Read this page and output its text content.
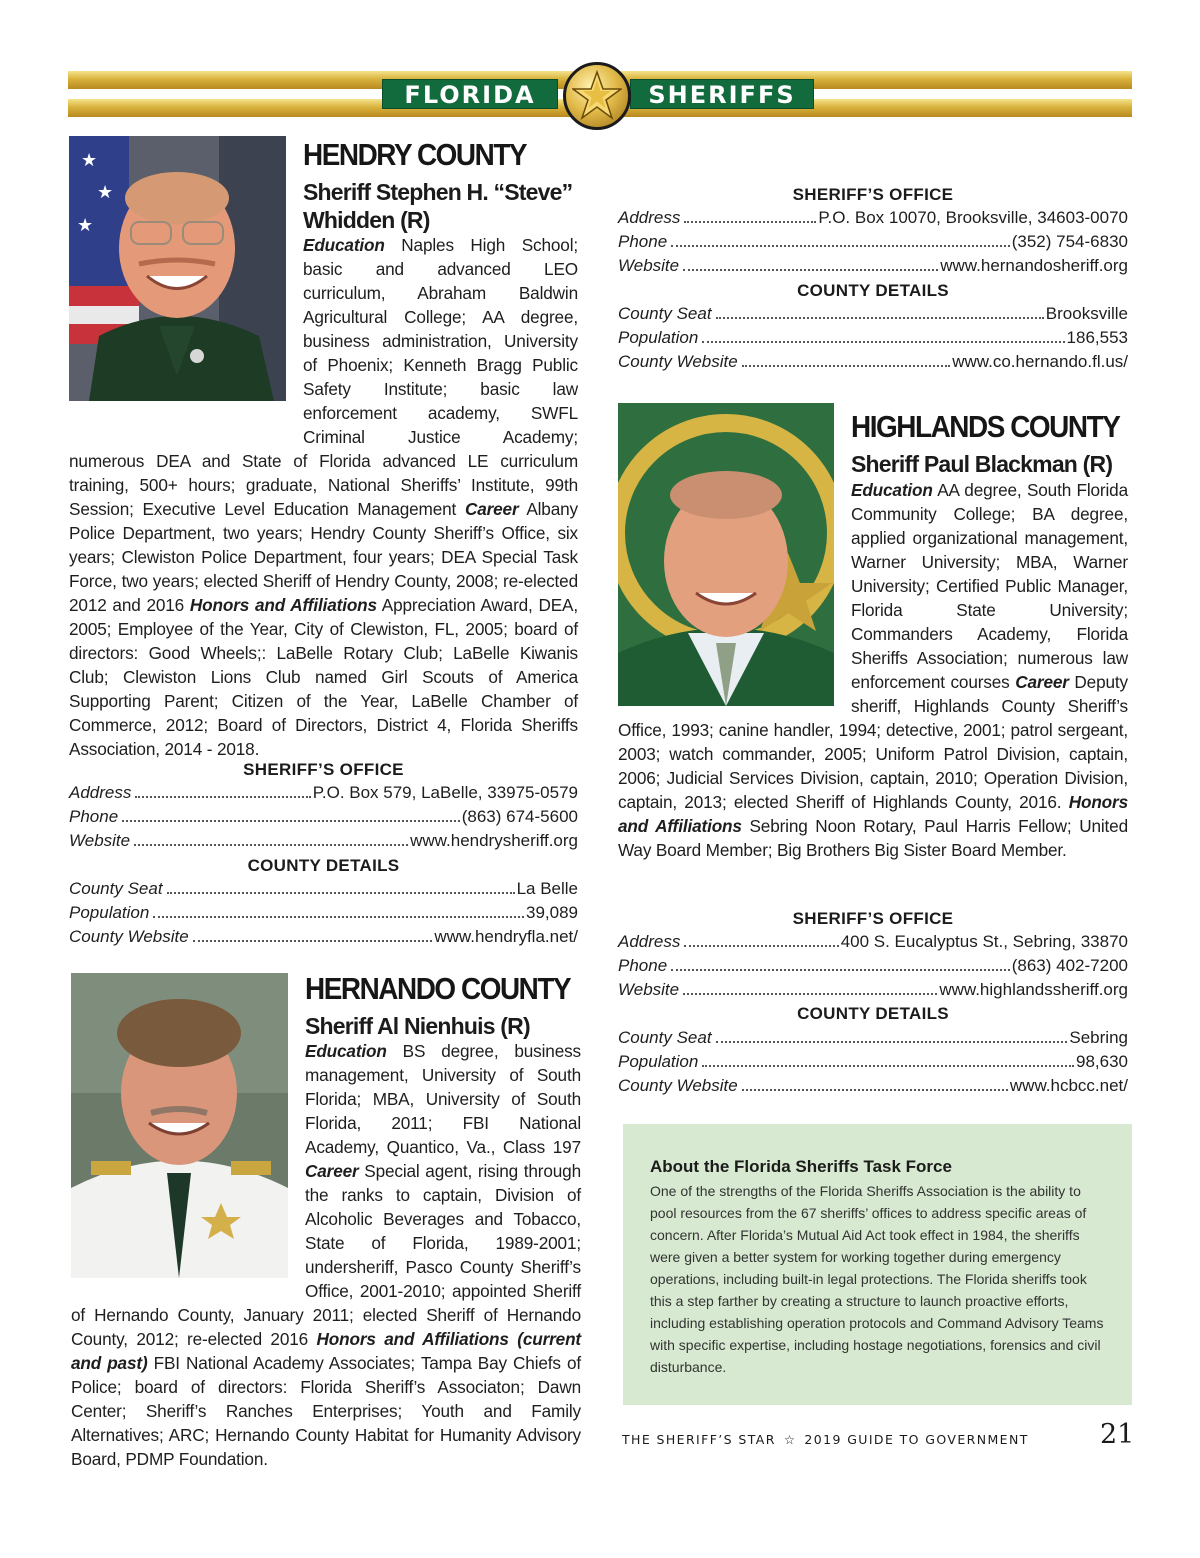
FLORIDA	SHERIFFS
★
★
★
HENDRY COUNTY
Sheriff Stephen H. “Steve”
Whidden (R)

Education Naples High School; basic and advanced LEO curriculum, Abraham Baldwin Agricultural College; AA degree, business administration, University of Phoenix; Kenneth Bragg Public Safety Institute; basic law enforcement academy, SWFL Criminal Justice Academy; numerous DEA and State of Florida advanced LE curriculum training, 500+ hours; graduate, National Sheriffs’ Institute, 99th Session; Executive Level Education Management Career Albany Police Department, two years; Hendry County Sheriff’s Office, six years; Clewiston Police Department, four years; DEA Special Task Force, two years; elected Sheriff of Hendry County, 2008; re-elected 2012 and 2016 Honors and Affiliations Appreciation Award, DEA, 2005; Employee of the Year, City of Clewiston, FL, 2005; board of directors: Good Wheels;: LaBelle Rotary Club; LaBelle Kiwanis Club; Clewiston Lions Club named Girl Scouts of America Supporting Parent; Citizen of the Year, LaBelle Chamber of Commerce, 2012; Board of Directors, District 4, Florida Sheriffs Association, 2014 - 2018.

SHERIFF’S OFFICE
Address	P.O. Box 579, LaBelle, 33975-0579
Phone	(863) 674-5600
Website	www.hendrysheriff.org
COUNTY DETAILS
County Seat	La Belle
Population	39,089
County Website	www.hendryfla.net/
HERNANDO COUNTY
Sheriff Al Nienhuis (R)

Education BS degree, business management, University of South Florida; MBA, University of South Florida, 2011; FBI National Academy, Quantico, Va., Class 197 Career Special agent, rising through the ranks to captain, Division of Alcoholic Beverages and Tobacco, State of Florida, 1989-2001; undersheriff, Pasco County Sheriff’s Office, 2001-2010; appointed Sheriff of Hernando County, January 2011; elected Sheriff of Hernando County, 2012; re-elected 2016 Honors and Affiliations (current and past) FBI National Academy Associates; Tampa Bay Chiefs of Police; board of directors: Florida Sheriff’s Associaton; Dawn Center; Sheriff’s Ranches Enterprises; Youth and Family Alternatives; ARC; Hernando County Habitat for Humanity Advisory Board, PDMP Foundation.

SHERIFF’S OFFICE
Address	P.O. Box 10070, Brooksville, 34603-0070
Phone	(352) 754-6830
Website	www.hernandosheriff.org
COUNTY DETAILS
County Seat	Brooksville
Population	186,553
County Website	www.co.hernando.fl.us/
HIGHLANDS COUNTY
Sheriff Paul Blackman (R)

Education AA degree, South Florida Community College; BA degree, applied organizational management, Warner University; MBA, Warner University; Certified Public Manager, Florida State University; Commanders Academy, Florida Sheriffs Association; numerous law enforcement courses Career Deputy sheriff, Highlands County Sheriff’s Office, 1993; canine handler, 1994; detective, 2001; patrol sergeant, 2003; watch commander, 2005; Uniform Patrol Division, captain, 2006; Judicial Services Division, captain, 2010; Operation Division, captain, 2013; elected Sheriff of Highlands County, 2016. Honors and Affiliations Sebring Noon Rotary, Paul Harris Fellow; United Way Board Member; Big Brothers Big Sister Board Member.

SHERIFF’S OFFICE
Address	400 S. Eucalyptus St., Sebring, 33870
Phone	(863) 402-7200
Website	www.highlandssheriff.org
COUNTY DETAILS
County Seat	Sebring
Population	98,630
County Website	www.hcbcc.net/
About the Florida Sheriffs Task Force

One of the strengths of the Florida Sheriffs Association is the ability to pool resources from the 67 sheriffs’ offices to address specific areas of concern. After Florida’s Mutual Aid Act took effect in 1984, the sheriffs were given a better system for working together during emergency operations, including built-in legal protections. The Florida sheriffs took this a step farther by creating a structure to launch proactive efforts, including establishing operation protocols and Command Advisory Teams with specific expertise, including hostage negotiations, forensics and civil disturbance.

THE SHERIFF’S STAR ☆ 2019 GUIDE TO GOVERNMENT	21
